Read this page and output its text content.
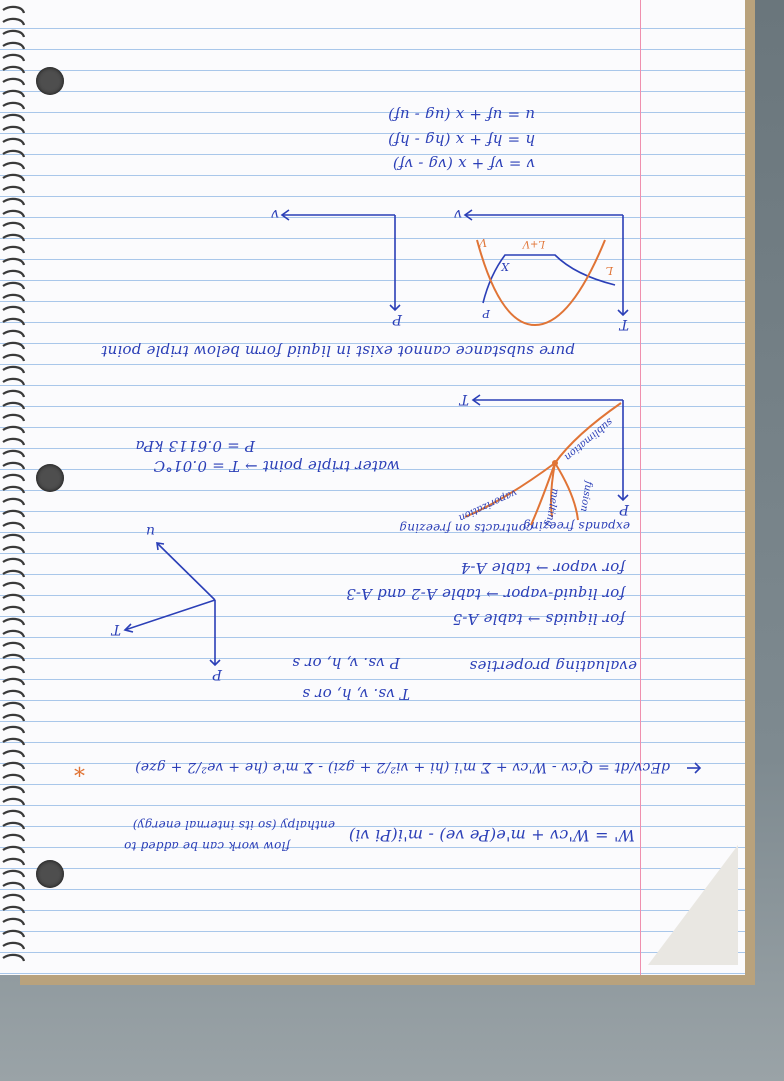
W' = W'cv + m'e(Pe ve) - m'i(Pi vi)
flow work can be added to
enthalpy (so its internal energy)
dEcv/dt = Q'cv - W'cv + Σ m'i (hi + vi²/2 + gzi) - Σ m'e (he + ve²/2 + gze)
*
T vs. v, h, or s
evaluating properties
P vs. v, h, or s
for liquids → table A-5
for liquid-vapor → table A-2 and A-3
for vapor → table A-4
expands freezing
contracts on freezing
water triple point → T = 0.01°C
P = 0.6113 kPa
pure substance cannot exist in liquid form below triple point
v = vf + x (vg - vf)
h = hf + x (hg - hf)
u = uf + x (ug - uf)
P
T
u
P
T
fusion
melting
vaporization
sublimation
T
v
L
L+V
V
X
P
P
v
